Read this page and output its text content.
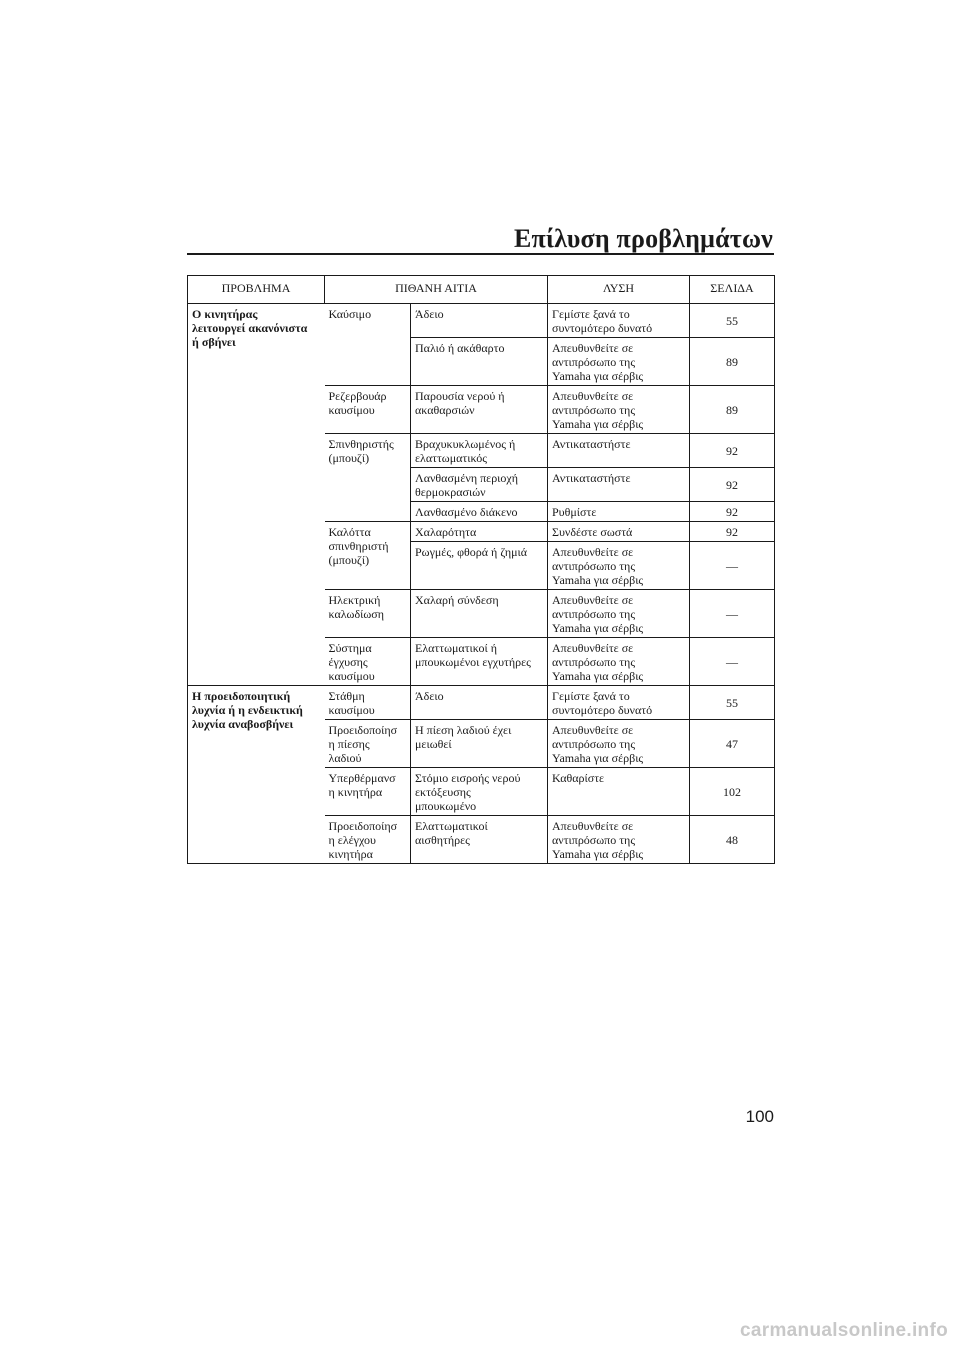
Επίλυση προβλημάτων
ΠΡΟΒΛΗΜΑ	ΠΙΘΑΝΗ ΑΙΤΙΑ		ΛΥΣΗ	ΣΕΛΙΔΑ
Ο κινητήρας
λειτουργεί ακανόνιστα
ή σβήνει	Καύσιμο	Άδειο	Γεμίστε ξανά το
συντομότερο δυνατό	55
		Παλιό ή ακάθαρτο	Απευθυνθείτε σε
αντιπρόσωπο της
Yamaha για σέρβις	89
	Ρεζερβουάρ
καυσίμου	Παρουσία νερού ή
ακαθαρσιών	Απευθυνθείτε σε
αντιπρόσωπο της
Yamaha για σέρβις	89
	Σπινθηριστής
(μπουζί)	Βραχυκυκλωμένος ή
ελαττωματικός	Αντικαταστήστε	92
		Λανθασμένη περιοχή
θερμοκρασιών	Αντικαταστήστε	92
		Λανθασμένο διάκενο	Ρυθμίστε	92
	Καλόττα
σπινθηριστή
(μπουζί)	Χαλαρότητα	Συνδέστε σωστά	92
		Ρωγμές, φθορά ή ζημιά	Απευθυνθείτε σε
αντιπρόσωπο της
Yamaha για σέρβις	—
	Ηλεκτρική
καλωδίωση	Χαλαρή σύνδεση	Απευθυνθείτε σε
αντιπρόσωπο της
Yamaha για σέρβις	—
	Σύστημα
έγχυσης
καυσίμου	Ελαττωματικοί ή
μπουκωμένοι εγχυτήρες	Απευθυνθείτε σε
αντιπρόσωπο της
Yamaha για σέρβις	—
Η προειδοποιητική
λυχνία ή η ενδεικτική
λυχνία αναβοσβήνει	Στάθμη
καυσίμου	Άδειο	Γεμίστε ξανά το
συντομότερο δυνατό	55
	Προειδοποίησ
η πίεσης
λαδιού	Η πίεση λαδιού έχει
μειωθεί	Απευθυνθείτε σε
αντιπρόσωπο της
Yamaha για σέρβις	47
	Υπερθέρμανσ
η κινητήρα	Στόμιο εισροής νερού
εκτόξευσης
μπουκωμένο	Καθαρίστε	102
	Προειδοποίησ
η ελέγχου
κινητήρα	Ελαττωματικοί
αισθητήρες	Απευθυνθείτε σε
αντιπρόσωπο της
Yamaha για σέρβις	48
100
carmanualsonline.info
